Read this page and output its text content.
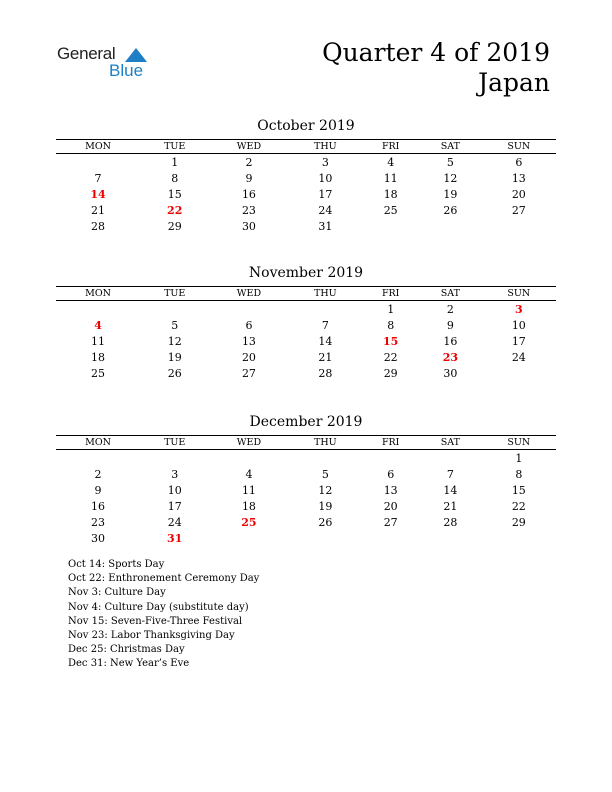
General
Blue
Quarter 4 of 2019
Japan
October 2019
MON	TUE	WED	THU	FRI	SAT	SUN
	1	2	3	4	5	6
7	8	9	10	11	12	13
14	15	16	17	18	19	20
21	22	23	24	25	26	27
28	29	30	31			
November 2019
MON	TUE	WED	THU	FRI	SAT	SUN
				1	2	3
4	5	6	7	8	9	10
11	12	13	14	15	16	17
18	19	20	21	22	23	24
25	26	27	28	29	30	
December 2019
MON	TUE	WED	THU	FRI	SAT	SUN
						1
2	3	4	5	6	7	8
9	10	11	12	13	14	15
16	17	18	19	20	21	22
23	24	25	26	27	28	29
30	31					
Oct 14: Sports Day
Oct 22: Enthronement Ceremony Day
Nov 3: Culture Day
Nov 4: Culture Day (substitute day)
Nov 15: Seven-Five-Three Festival
Nov 23: Labor Thanksgiving Day
Dec 25: Christmas Day
Dec 31: New Year’s Eve
